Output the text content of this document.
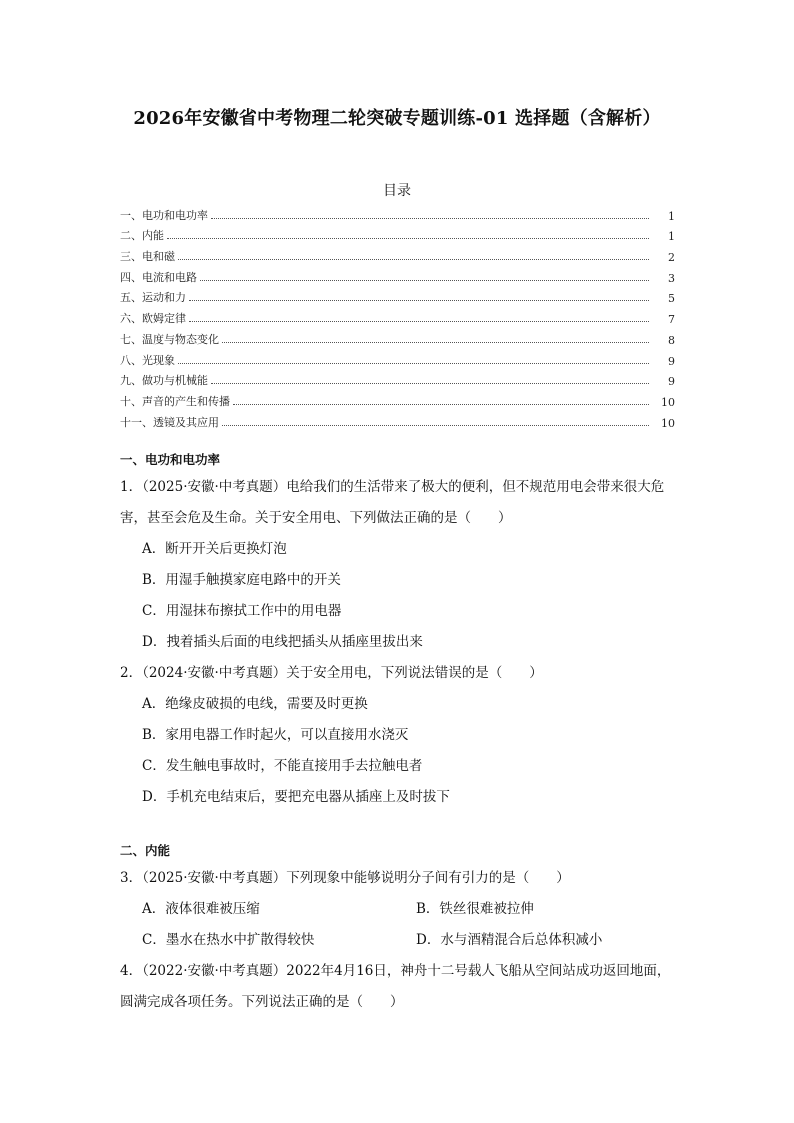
2026年安徽省中考物理二轮突破专题训练-01 选择题（含解析）
目录
一、电功和电功率	1
二、内能	1
三、电和磁	2
四、电流和电路	3
五、运动和力	5
六、欧姆定律	7
七、温度与物态变化	8
八、光现象	9
九、做功与机械能	9
十、声音的产生和传播	10
十一、透镜及其应用	10
一、电功和电功率
1．（2025·安徽·中考真题）电给我们的生活带来了极大的便利，但不规范用电会带来很大危害，甚至会危及生命。关于安全用电、下列做法正确的是（　　）
A．断开开关后更换灯泡
B．用湿手触摸家庭电路中的开关
C．用湿抹布擦拭工作中的用电器
D．拽着插头后面的电线把插头从插座里拔出来
2．（2024·安徽·中考真题）关于安全用电，下列说法错误的是（　　）
A．绝缘皮破损的电线，需要及时更换
B．家用电器工作时起火，可以直接用水浇灭
C．发生触电事故时，不能直接用手去拉触电者
D．手机充电结束后，要把充电器从插座上及时拔下
二、内能
3．（2025·安徽·中考真题）下列现象中能够说明分子间有引力的是（　　）
A．液体很难被压缩	B．铁丝很难被拉伸
C．墨水在热水中扩散得较快	D．水与酒精混合后总体积减小
4．（2022·安徽·中考真题）2022年4月16日，神舟十二号载人飞船从空间站成功返回地面，圆满完成各项任务。下列说法正确的是（　　）
